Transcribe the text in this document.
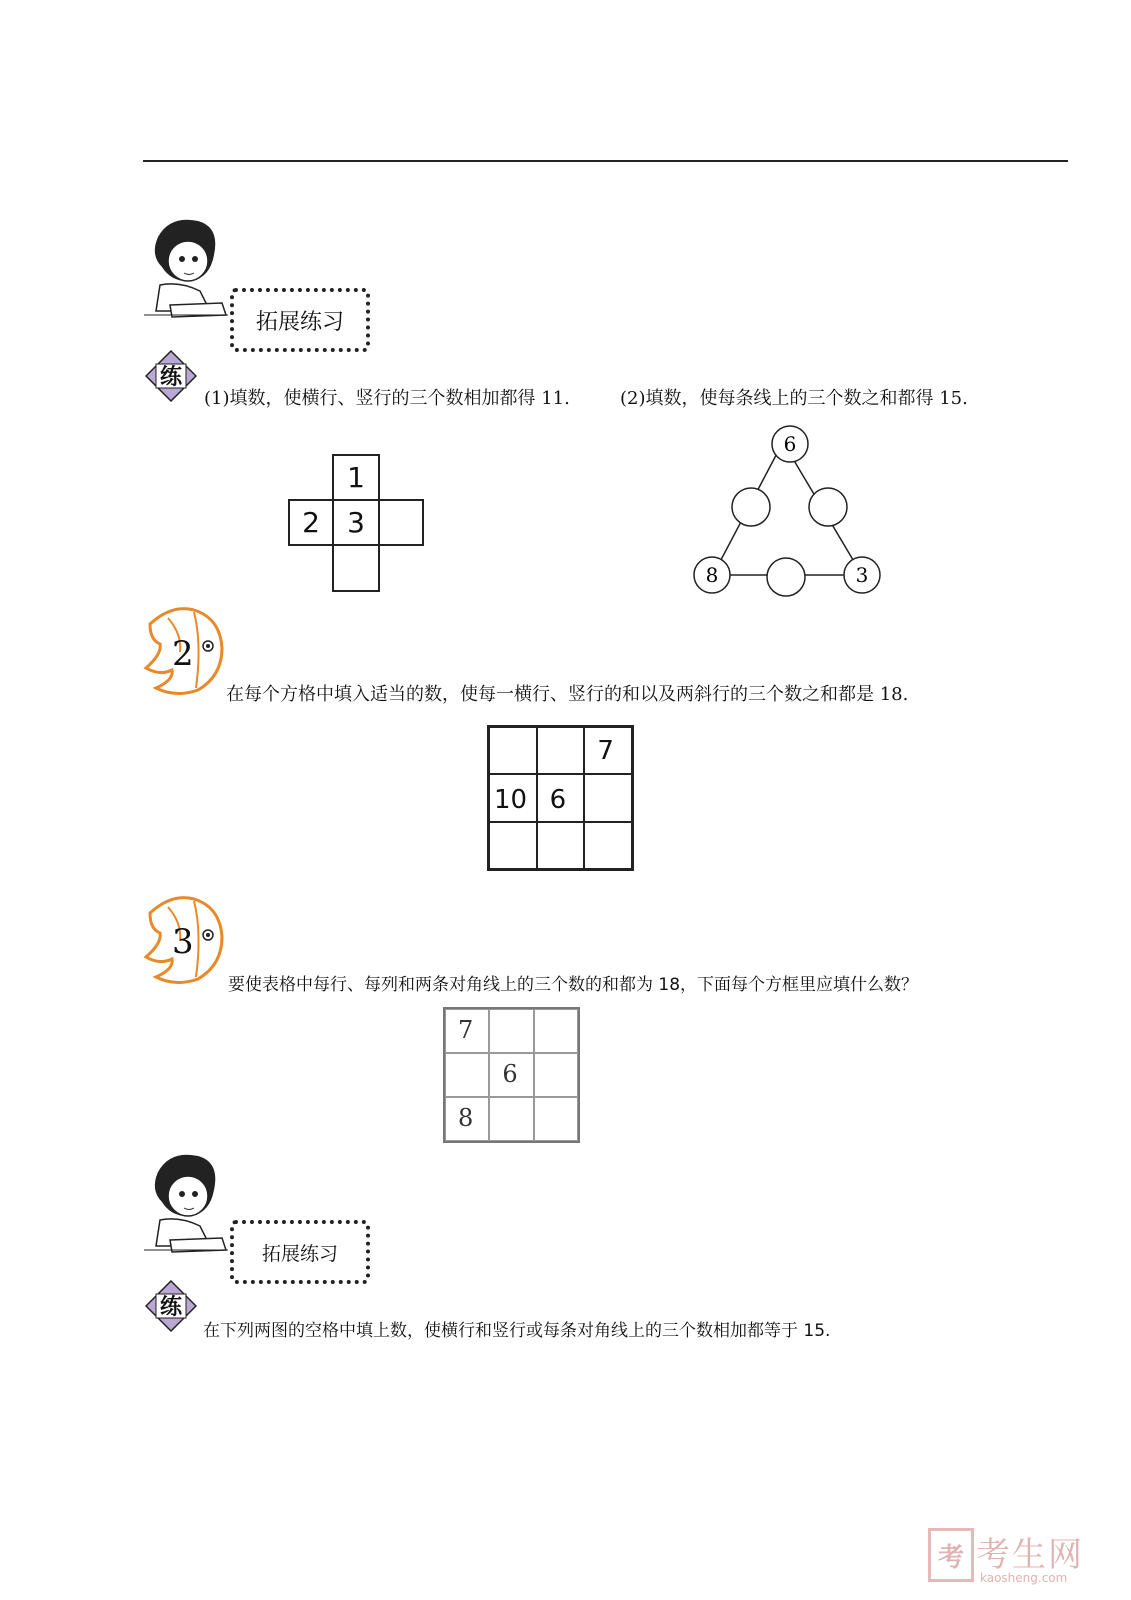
拓展练习
练
(1)填数，使横行、竖行的三个数相加都得 11.	(2)填数，使每条线上的三个数之和都得 15.
1
2 3
6
8	3
2
在每个方格中填入适当的数，使每一横行、竖行的和以及两斜行的三个数之和都是 18.
7
10 6
3
要使表格中每行、每列和两条对角线上的三个数的和都为 18，下面每个方框里应填什么数？
7
6
8
拓展练习
练
在下列两图的空格中填上数，使横行和竖行或每条对角线上的三个数相加都等于 15.
考 考生网
kaosheng.com
